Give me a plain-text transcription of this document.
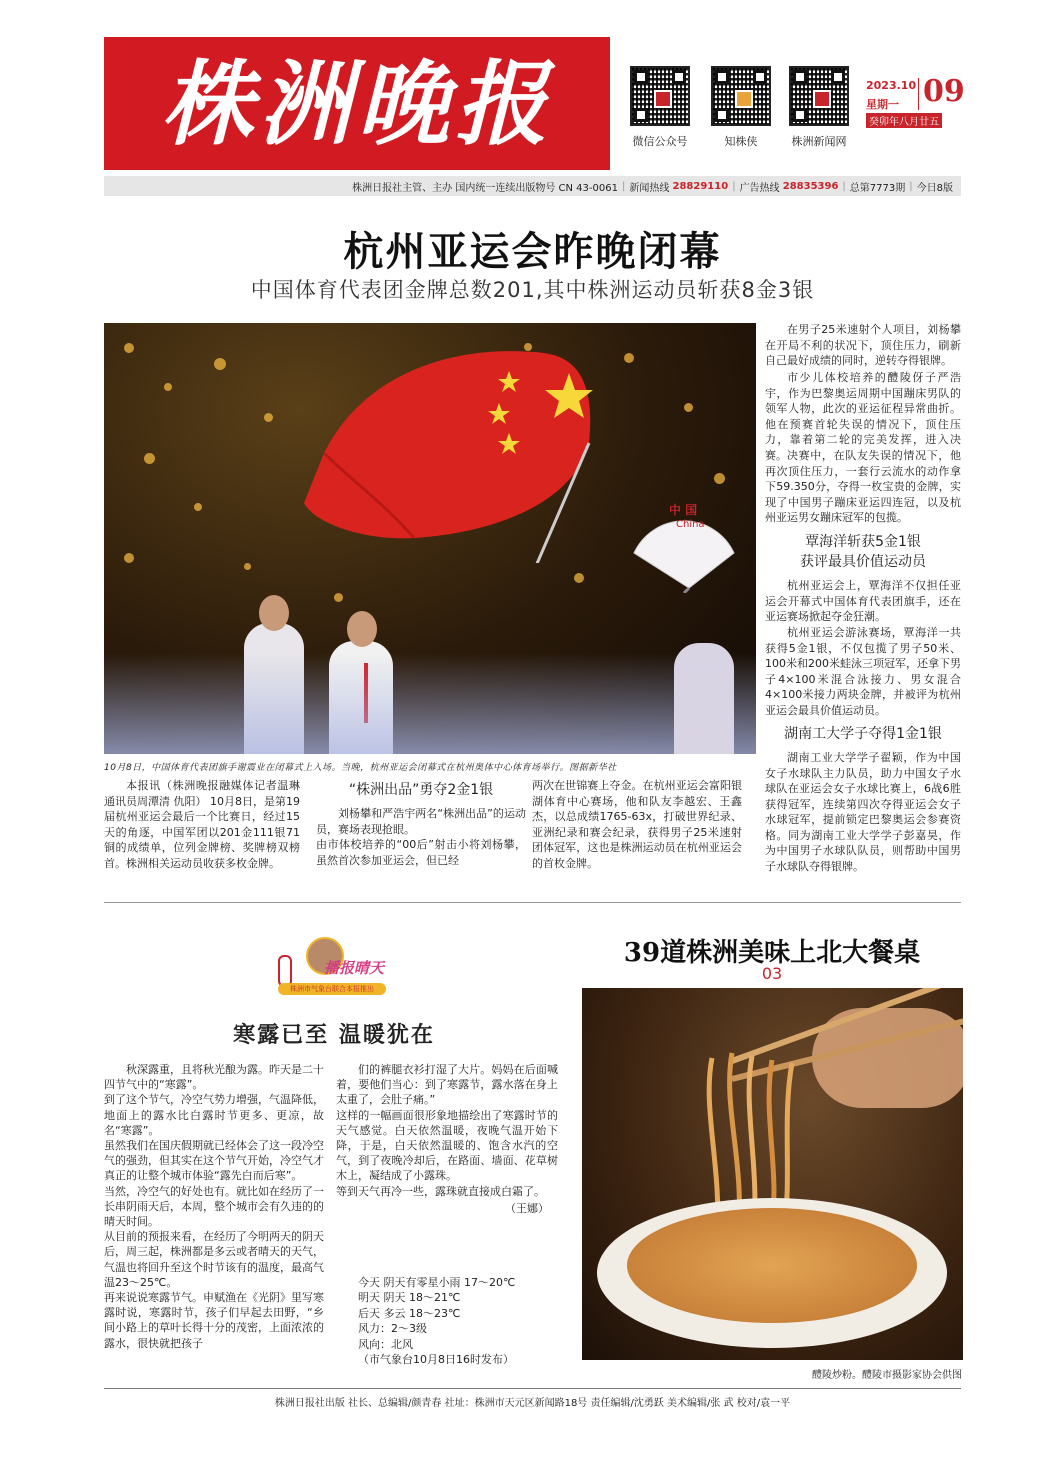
株洲晚报	微信公众号	知株侠	株洲新闻网
2023.10
星期一
癸卯年八月廿五
09
株洲日报社主管、主办 国内统一连续出版物号 CN 43-0061 | 新闻热线
28829110 | 广告热线
28835396 | 总第7773期 | 今日8版
杭州亚运会昨晚闭幕
中国体育代表团金牌总数201,其中株洲运动员斩获8金3银
中 国
China
10月8日，中国体育代表团旗手谢震业在闭幕式上入场。当晚，杭州亚运会闭幕式在杭州奥体中心体育场举行。图据新华社
本报讯（株洲晚报融媒体记者温琳 通讯员周潭清 仇阳） 10月8日，是第19届杭州亚运会最后一个比赛日，经过15天的角逐，中国军团以201金111银71铜的成绩单，位列金牌榜、奖牌榜双榜首。株洲相关运动员收获多枚金牌。
“株洲出品”勇夺2金1银
刘杨攀和严浩宇两名“株洲出品”的运动员，赛场表现抢眼。
由市体校培养的“00后”射击小将刘杨攀，虽然首次参加亚运会，但已经
两次在世锦赛上夺金。在杭州亚运会富阳银湖体育中心赛场，他和队友李越宏、王鑫杰，以总成绩1765-63x，打破世界纪录、亚洲纪录和赛会纪录，获得男子25米速射团体冠军，这也是株洲运动员在杭州亚运会的首枚金牌。
在男子25米速射个人项目，刘杨攀在开局不利的状况下，顶住压力，刷新自己最好成绩的同时，逆转夺得银牌。
市少儿体校培养的醴陵伢子严浩宇，作为巴黎奥运周期中国蹦床男队的领军人物，此次的亚运征程异常曲折。他在预赛首轮失误的情况下，顶住压力，靠着第二轮的完美发挥，进入决赛。 决赛中，在队友失误的情况下，他再次顶住压力，一套行云流水的动作拿下59.350分，夺得一枚宝贵的金牌，实现了中国男子蹦床亚运四连冠，以及杭州亚运男女蹦床冠军的包揽。
覃海洋斩获5金1银
获评最具价值运动员
杭州亚运会上，覃海洋不仅担任亚运会开幕式中国体育代表团旗手，还在亚运赛场掀起夺金狂潮。
杭州亚运会游泳赛场，覃海洋一共获得5金1银，不仅包揽了男子50米、100米和200米蛙泳三项冠军，还拿下男子4×100米混合泳接力、男女混合4×100米接力两块金牌，并被评为杭州亚运会最具价值运动员。
湖南工大学子夺得1金1银
湖南工业大学学子翟颖，作为中国女子水球队主力队员，助力中国女子水球队在亚运会女子水球比赛上，6战6胜获得冠军，连续第四次夺得亚运会女子水球冠军，提前锁定巴黎奥运会参赛资格。同为湖南工业大学学子彭嘉昊，作为中国男子水球队队员，则帮助中国男子水球队夺得银牌。
播报晴天
株洲市气象台联合本报推出
寒露已至 温暖犹在
秋深露重，且将秋光酿为露。昨天是二十四节气中的“寒露”。
到了这个节气，冷空气势力增强，气温降低，地面上的露水比白露时节更多、更凉，故名“寒露”。
虽然我们在国庆假期就已经体会了这一段冷空气的强劲，但其实在这个节气开始，冷空气才真正的让整个城市体验“露先白而后寒”。
当然，冷空气的好处也有。就比如在经历了一长串阴雨天后，本周，整个城市会有久违的的晴天时间。
从目前的预报来看，在经历了今明两天的阴天后，周三起，株洲都是多云或者晴天的天气，气温也将回升至这个时节该有的温度，最高气温23～25℃。
再来说说寒露节气。申赋渔在《光阴》里写寒露时说，寒露时节，孩子们早起去田野，“乡间小路上的草叶长得十分的茂密，上面浓浓的露水，很快就把孩子
们的裤腿衣衫打湿了大片。妈妈在后面喊着，要他们当心：到了寒露节，露水落在身上太重了，会肚子痛。”
这样的一幅画面很形象地描绘出了寒露时节的天气感觉。白天依然温暖，夜晚气温开始下降，于是，白天依然温暖的、饱含水汽的空气，到了夜晚冷却后，在路面、墙面、花草树木上，凝结成了小露珠。
等到天气再冷一些，露珠就直接成白霜了。
（王娜）
今天 阴天有零星小雨 17～20℃
明天 阴天 18～21℃
后天 多云 18～23℃
风力：2～3级
风向：北风
（市气象台10月8日16时发布）
39道株洲美味上北大餐桌
03
醴陵炒粉。醴陵市摄影家协会供图
株洲日报社出版 社长、总编辑/颜青春 社址：株洲市天元区新闻路18号 责任编辑/沈勇跃 美术编辑/张 武 校对/袁一平
